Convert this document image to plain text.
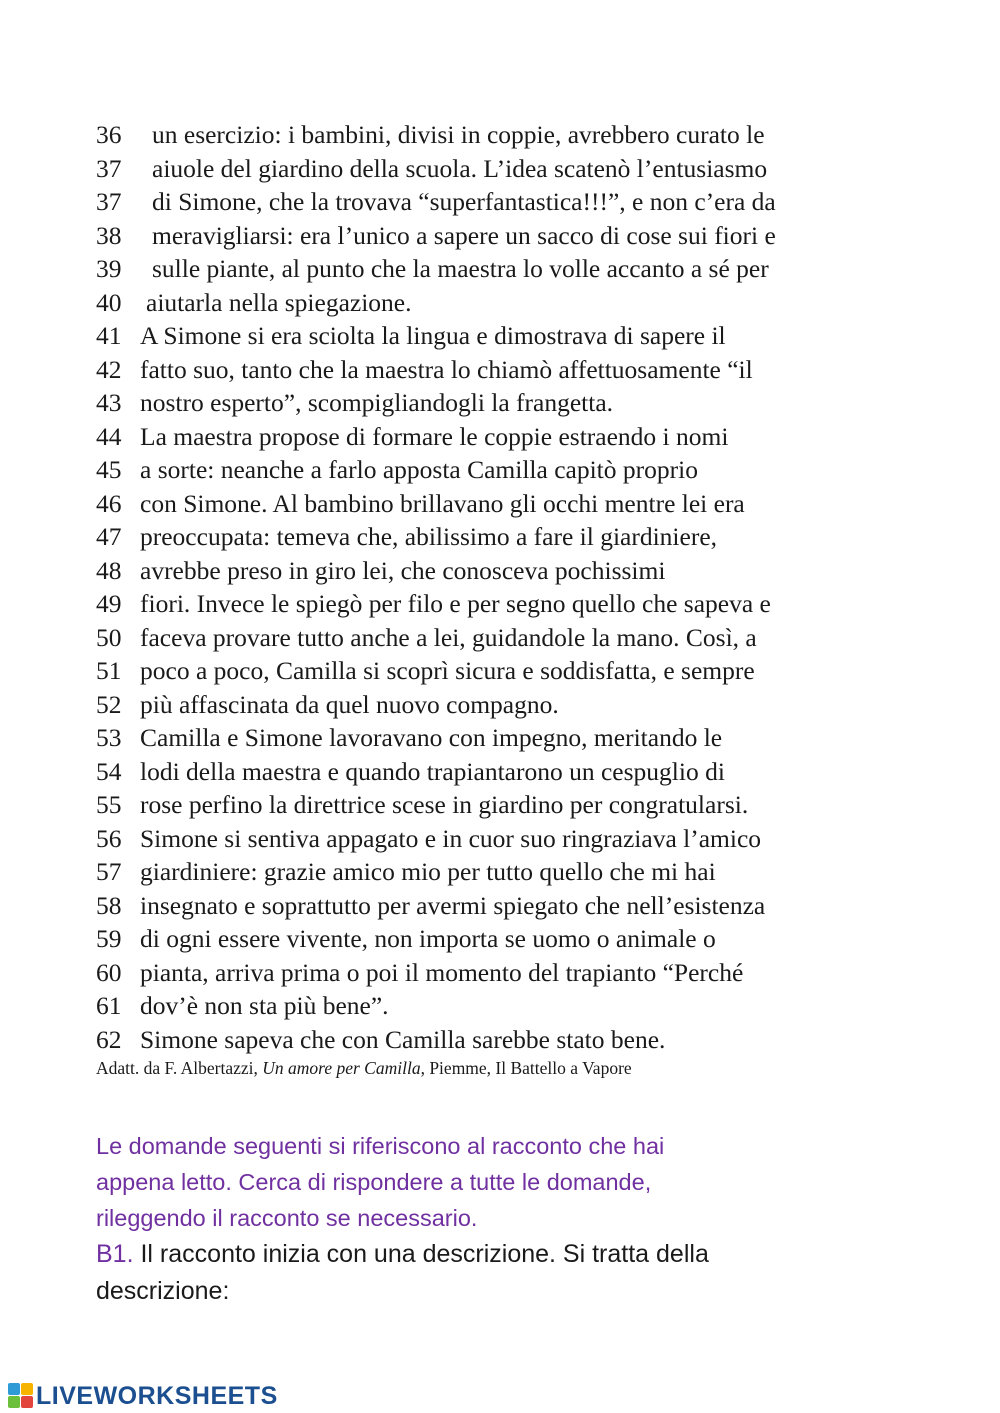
36	un esercizio: i bambini, divisi in coppie, avrebbero curato le
37	aiuole del giardino della scuola. L’idea scatenò l’entusiasmo
37	di Simone, che la trovava “superfantastica!!!”, e non c’era da
38	meravigliarsi: era l’unico a sapere un sacco di cose sui fiori e
39	sulle piante, al punto che la maestra lo volle accanto a sé per
40 aiutarla nella spiegazione.
41 A Simone si era sciolta la lingua e dimostrava di sapere il
42 fatto suo, tanto che la maestra lo chiamò affettuosamente “il
43 nostro esperto”, scompigliandogli la frangetta.
44 La maestra propose di formare le coppie estraendo i nomi
45 a sorte: neanche a farlo apposta Camilla capitò proprio
46 con Simone. Al bambino brillavano gli occhi mentre lei era
47 preoccupata: temeva che, abilissimo a fare il giardiniere,
48 avrebbe preso in giro lei, che conosceva pochissimi
49 fiori. Invece le spiegò per filo e per segno quello che sapeva e
50 faceva provare tutto anche a lei, guidandole la mano. Così, a
51 poco a poco, Camilla si scoprì sicura e soddisfatta, e sempre
52 più affascinata da quel nuovo compagno.
53 Camilla e Simone lavoravano con impegno, meritando le
54 lodi della maestra e quando trapiantarono un cespuglio di
55 rose perfino la direttrice scese in giardino per congratularsi.
56 Simone si sentiva appagato e in cuor suo ringraziava l’amico
57 giardiniere: grazie amico mio per tutto quello che mi hai
58 insegnato e soprattutto per avermi spiegato che nell’esistenza
59 di ogni essere vivente, non importa se uomo o animale o
60 pianta, arriva prima o poi il momento del trapianto “Perché
61 dov’è non sta più bene”.
62 Simone sapeva che con Camilla sarebbe stato bene.
Adatt. da F. Albertazzi, Un amore per Camilla, Piemme, Il Battello a Vapore
Le domande seguenti si riferiscono al racconto che hai
appena letto. Cerca di rispondere a tutte le domande,
rileggendo il racconto se necessario.
B1. Il racconto inizia con una descrizione. Si tratta della
descrizione:
LIVEWORKSHEETS
